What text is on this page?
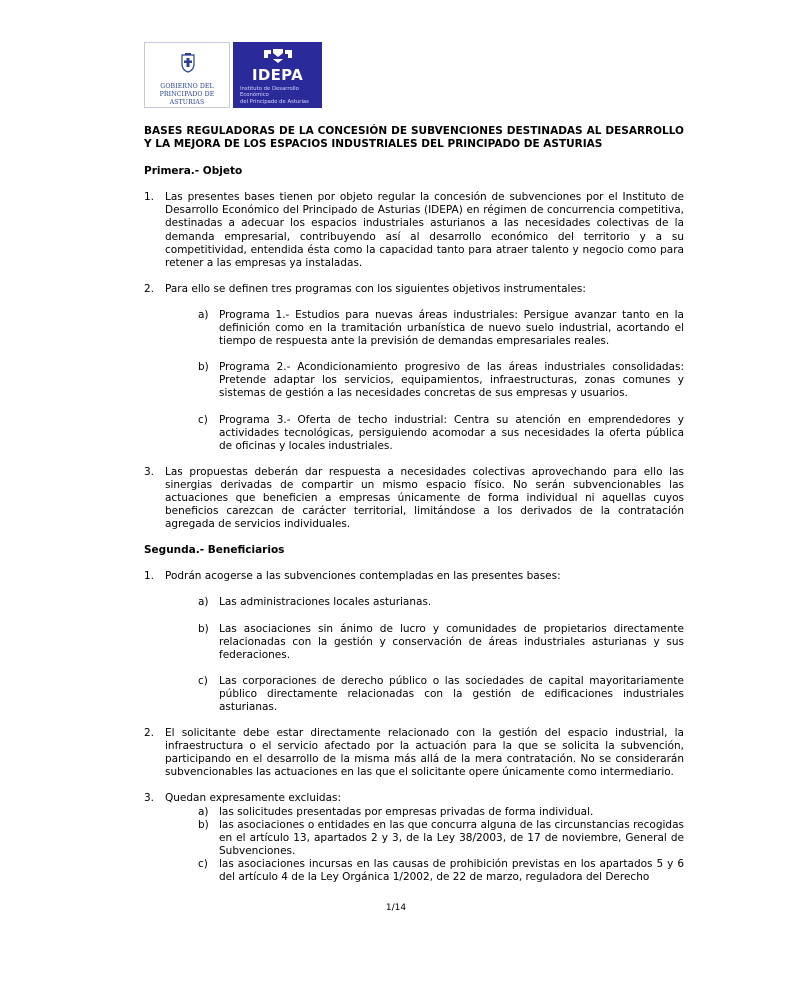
GOBIERNO DEL
PRINCIPADO DE ASTURIAS
IDEPA
Instituto de Desarrollo Económico
del Principado de Asturias

BASES REGULADORAS DE LA CONCESIÓN DE SUBVENCIONES DESTINADAS AL DESARROLLO Y LA MEJORA DE LOS ESPACIOS INDUSTRIALES DEL PRINCIPADO DE ASTURIAS

Primera.- Objeto

1.	Las presentes bases tienen por objeto regular la concesión de subvenciones por el Instituto de Desarrollo Económico del Principado de Asturias (IDEPA) en régimen de concurrencia competitiva, destinadas a adecuar los espacios industriales asturianos a las necesidades colectivas de la demanda empresarial, contribuyendo así al desarrollo económico del territorio y a su competitividad, entendida ésta como la capacidad tanto para atraer talento y negocio como para retener a las empresas ya instaladas.
2.	Para ello se definen tres programas con los siguientes objetivos instrumentales:
a) Programa 1.- Estudios para nuevas áreas industriales: Persigue avanzar tanto en la definición como en la tramitación urbanística de nuevo suelo industrial, acortando el tiempo de respuesta ante la previsión de demandas empresariales reales.
b) Programa 2.- Acondicionamiento progresivo de las áreas industriales consolidadas: Pretende adaptar los servicios, equipamientos, infraestructuras, zonas comunes y sistemas de gestión a las necesidades concretas de sus empresas y usuarios.
c)	Programa 3.- Oferta de techo industrial: Centra su atención en emprendedores y actividades tecnológicas, persiguiendo acomodar a sus necesidades la oferta pública de oficinas y locales industriales.
3.	Las propuestas deberán dar respuesta a necesidades colectivas aprovechando para ello las sinergias derivadas de compartir un mismo espacio físico. No serán subvencionables las actuaciones que beneficien a empresas únicamente de forma individual ni aquellas cuyos beneficios carezcan de carácter territorial, limitándose a los derivados de la contratación agregada de servicios individuales.

Segunda.- Beneficiarios

1.	Podrán acogerse a las subvenciones contempladas en las presentes bases:
a) Las administraciones locales asturianas.
b) Las asociaciones sin ánimo de lucro y comunidades de propietarios directamente relacionadas con la gestión y conservación de áreas industriales asturianas y sus federaciones.
c)	Las corporaciones de derecho público o las sociedades de capital mayoritariamente público directamente relacionadas con la gestión de edificaciones industriales asturianas.
2.	El solicitante debe estar directamente relacionado con la gestión del espacio industrial, la infraestructura o el servicio afectado por la actuación para la que se solicita la subvención, participando en el desarrollo de la misma más allá de la mera contratación. No se considerarán subvencionables las actuaciones en las que el solicitante opere únicamente como intermediario.
3.	Quedan expresamente excluidas:
a) las solicitudes presentadas por empresas privadas de forma individual.
b) las asociaciones o entidades en las que concurra alguna de las circunstancias recogidas en el artículo 13, apartados 2 y 3, de la Ley 38/2003, de 17 de noviembre, General de Subvenciones.
c)	las asociaciones incursas en las causas de prohibición previstas en los apartados 5 y 6 del artículo 4 de la Ley Orgánica 1/2002, de 22 de marzo, reguladora del Derecho
1/14
